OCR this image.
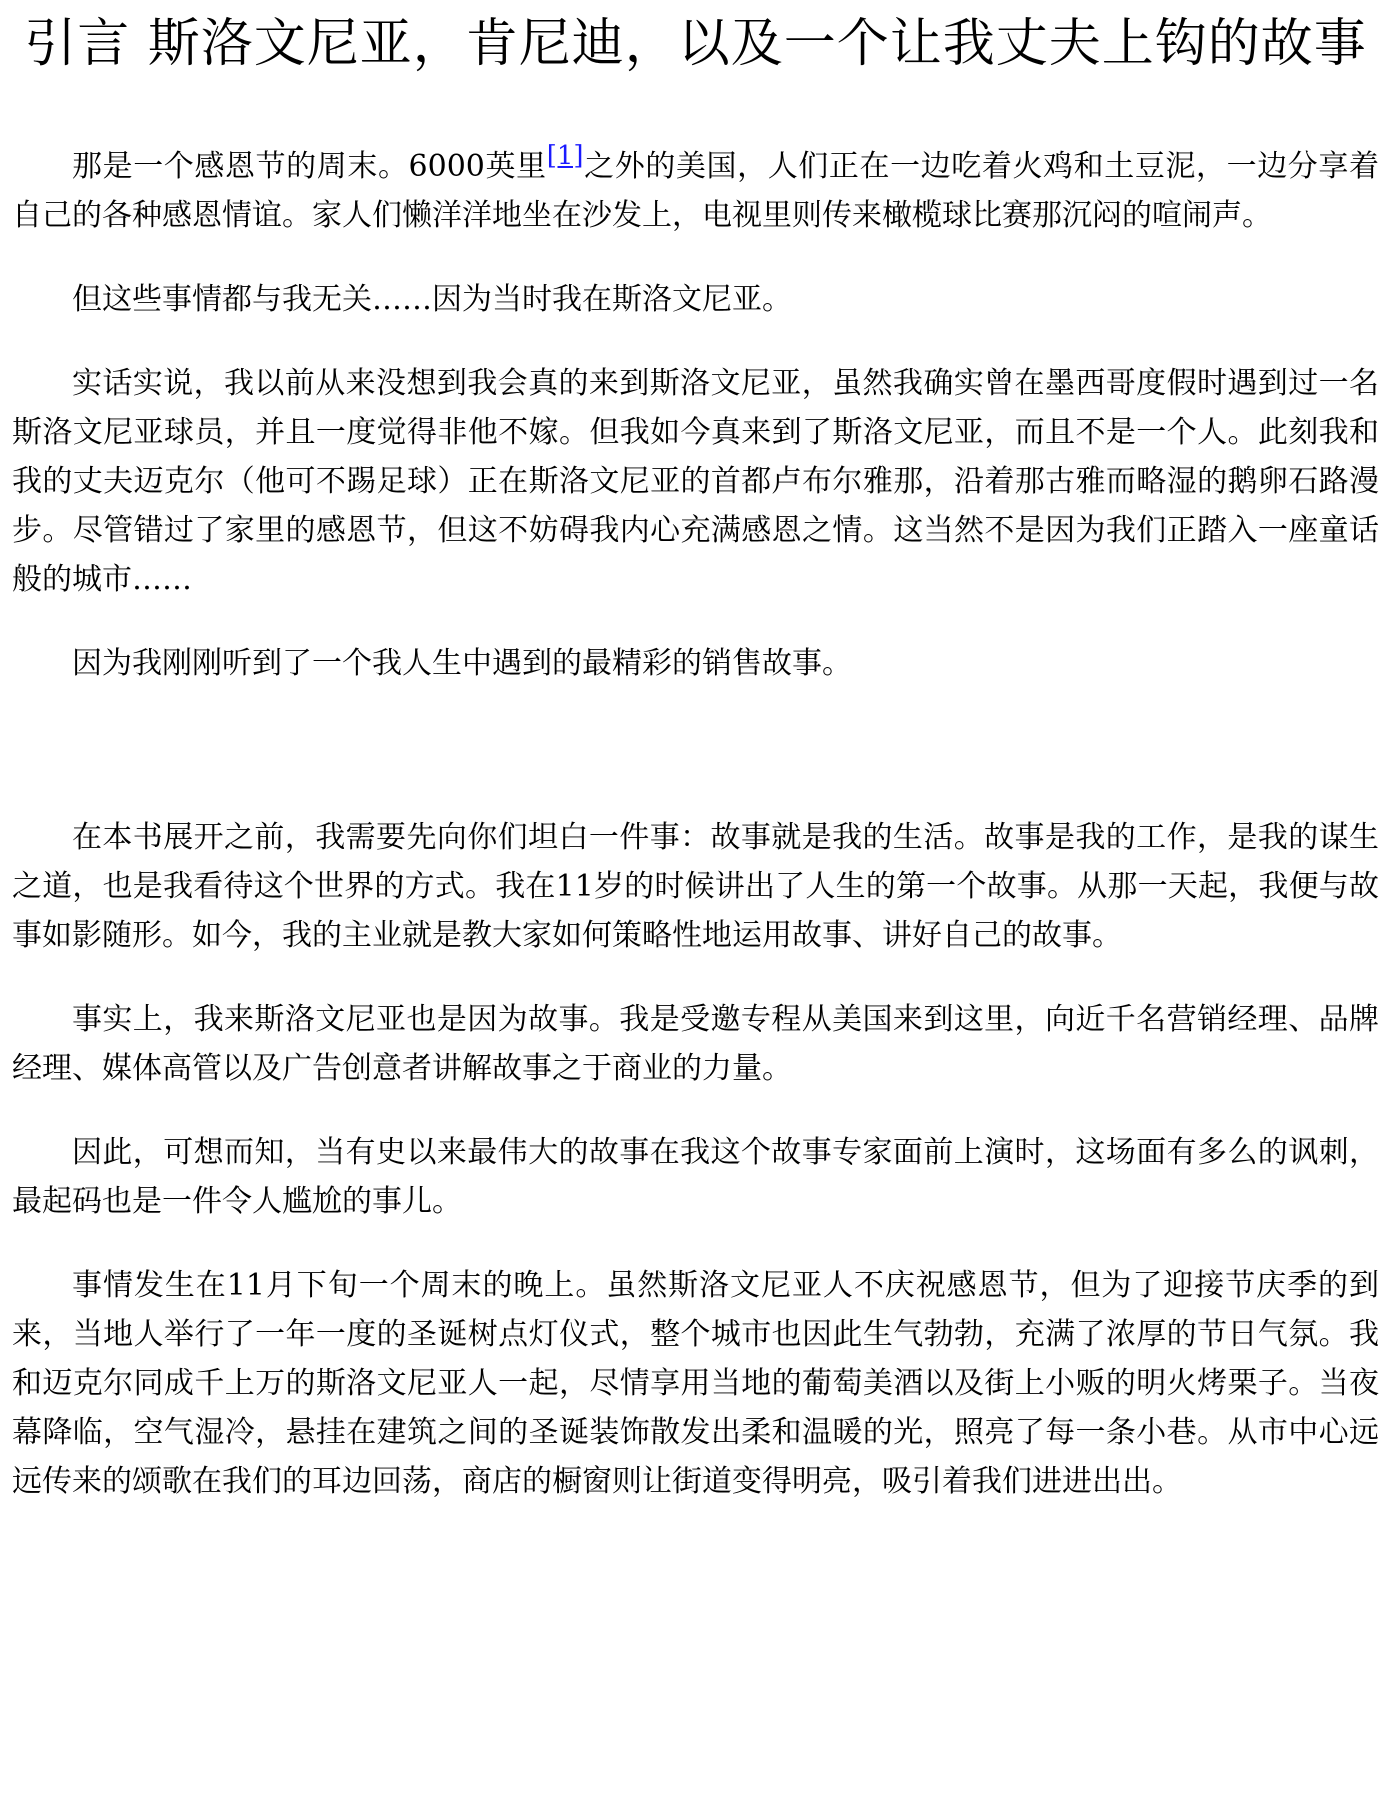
引言 斯洛文尼亚，肯尼迪，以及一个让我丈夫上钩的故事

那是一个感恩节的周末。6000英里[1]之外的美国，人们正在一边吃着火鸡和土豆泥，一边分享着自己的各种感恩情谊。家人们懒洋洋地坐在沙发上，电视里则传来橄榄球比赛那沉闷的喧闹声。

但这些事情都与我无关……因为当时我在斯洛文尼亚。

实话实说，我以前从来没想到我会真的来到斯洛文尼亚，虽然我确实曾在墨西哥度假时遇到过一名斯洛文尼亚球员，并且一度觉得非他不嫁。但我如今真来到了斯洛文尼亚，而且不是一个人。此刻我和我的丈夫迈克尔（他可不踢足球）正在斯洛文尼亚的首都卢布尔雅那，沿着那古雅而略湿的鹅卵石路漫步。尽管错过了家里的感恩节，但这不妨碍我内心充满感恩之情。这当然不是因为我们正踏入一座童话般的城市……

因为我刚刚听到了一个我人生中遇到的最精彩的销售故事。

在本书展开之前，我需要先向你们坦白一件事：故事就是我的生活。故事是我的工作，是我的谋生之道，也是我看待这个世界的方式。我在11岁的时候讲出了人生的第一个故事。从那一天起，我便与故事如影随形。如今，我的主业就是教大家如何策略性地运用故事、讲好自己的故事。

事实上，我来斯洛文尼亚也是因为故事。我是受邀专程从美国来到这里，向近千名营销经理、品牌经理、媒体高管以及广告创意者讲解故事之于商业的力量。

因此，可想而知，当有史以来最伟大的故事在我这个故事专家面前上演时，这场面有多么的讽刺，最起码也是一件令人尴尬的事儿。

事情发生在11月下旬一个周末的晚上。虽然斯洛文尼亚人不庆祝感恩节，但为了迎接节庆季的到来，当地人举行了一年一度的圣诞树点灯仪式，整个城市也因此生气勃勃，充满了浓厚的节日气氛。我和迈克尔同成千上万的斯洛文尼亚人一起，尽情享用当地的葡萄美酒以及街上小贩的明火烤栗子。当夜幕降临，空气湿冷，悬挂在建筑之间的圣诞装饰散发出柔和温暖的光，照亮了每一条小巷。从市中心远远传来的颂歌在我们的耳边回荡，商店的橱窗则让街道变得明亮，吸引着我们进进出出。
